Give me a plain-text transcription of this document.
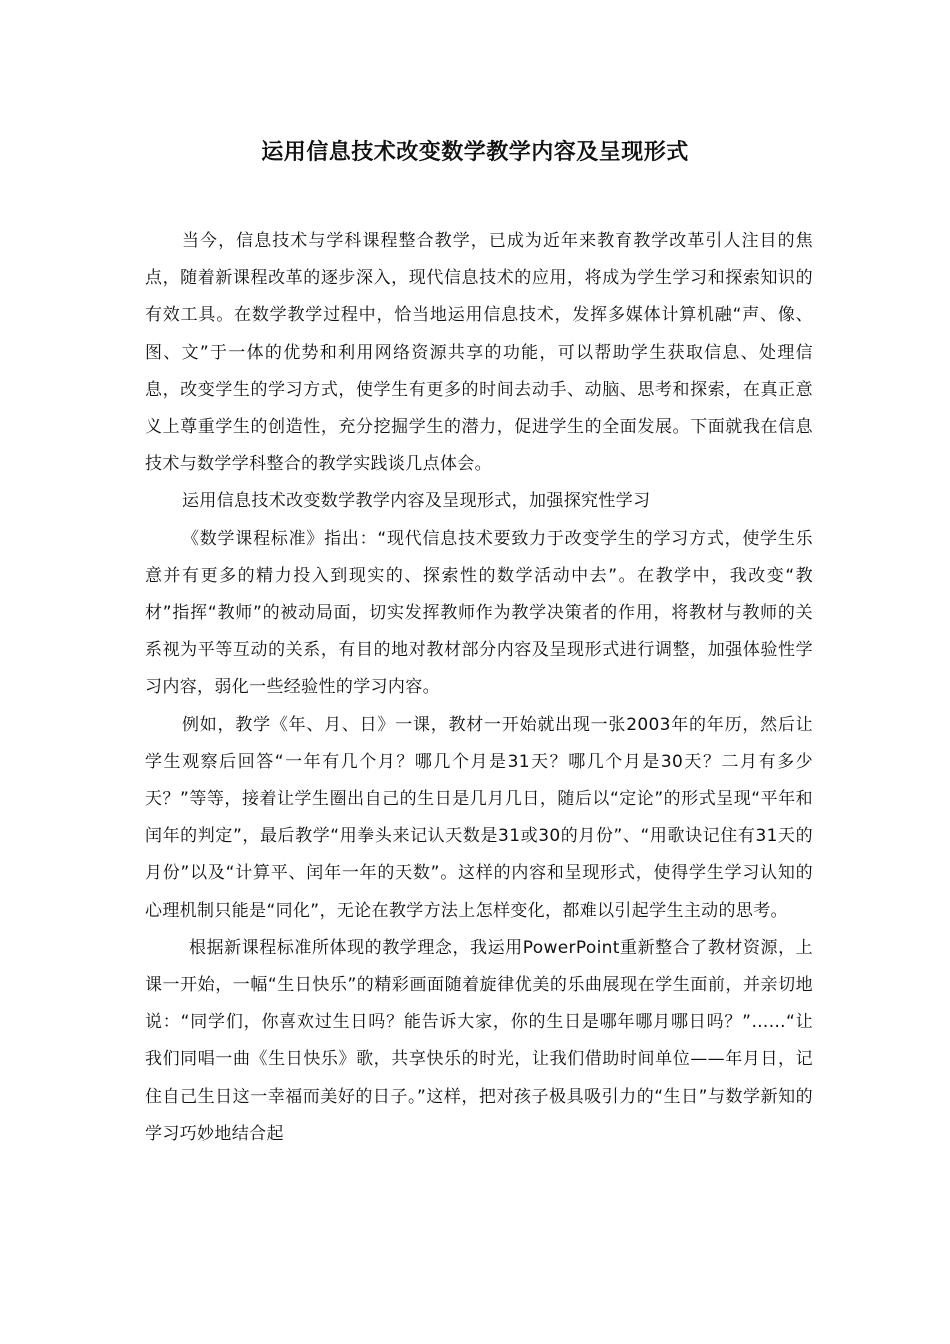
运用信息技术改变数学教学内容及呈现形式

当今，信息技术与学科课程整合教学，已成为近年来教育教学改革引人注目的焦点，随着新课程改革的逐步深入，现代信息技术的应用，将成为学生学习和探索知识的有效工具。在数学教学过程中，恰当地运用信息技术，发挥多媒体计算机融“声、像、图、文”于一体的优势和利用网络资源共享的功能，可以帮助学生获取信息、处理信息，改变学生的学习方式，使学生有更多的时间去动手、动脑、思考和探索，在真正意义上尊重学生的创造性，充分挖掘学生的潜力，促进学生的全面发展。下面就我在信息技术与数学学科整合的教学实践谈几点体会。

运用信息技术改变数学教学内容及呈现形式，加强探究性学习

《数学课程标准》指出：“现代信息技术要致力于改变学生的学习方式，使学生乐意并有更多的精力投入到现实的、探索性的数学活动中去”。在教学中，我改变“教材”指挥“教师”的被动局面，切实发挥教师作为教学决策者的作用，将教材与教师的关系视为平等互动的关系，有目的地对教材部分内容及呈现形式进行调整，加强体验性学习内容，弱化一些经验性的学习内容。

例如，教学《年、月、日》一课，教材一开始就出现一张2003年的年历，然后让学生观察后回答“一年有几个月？哪几个月是31天？哪几个月是30天？二月有多少天？”等等，接着让学生圈出自己的生日是几月几日，随后以“定论”的形式呈现“平年和闰年的判定”，最后教学“用拳头来记认天数是31或30的月份”、“用歌诀记住有31天的月份”以及“计算平、闰年一年的天数”。这样的内容和呈现形式，使得学生学习认知的心理机制只能是“同化”，无论在教学方法上怎样变化，都难以引起学生主动的思考。

根据新课程标准所体现的教学理念，我运用PowerPoint重新整合了教材资源，上课一开始，一幅“生日快乐”的精彩画面随着旋律优美的乐曲展现在学生面前，并亲切地说：“同学们，你喜欢过生日吗？能告诉大家，你的生日是哪年哪月哪日吗？”……“让我们同唱一曲《生日快乐》歌，共享快乐的时光，让我们借助时间单位——年月日，记住自己生日这一幸福而美好的日子。”这样，把对孩子极具吸引力的“生日”与数学新知的学习巧妙地结合起
